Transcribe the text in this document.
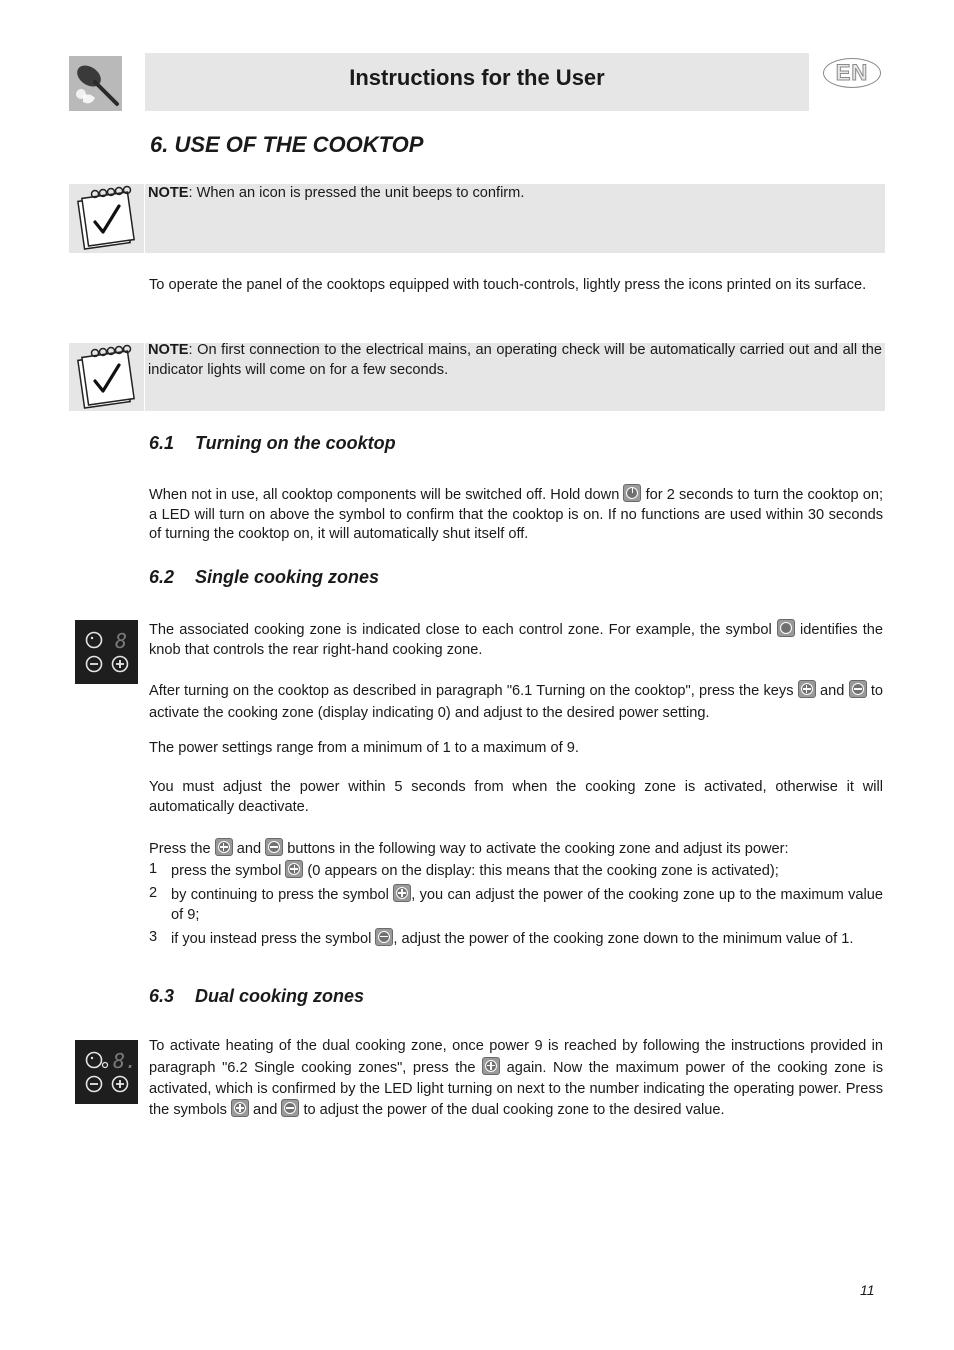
Instructions for the User	EN
6. USE OF THE COOKTOP
NOTE: When an icon is pressed the unit beeps to confirm.
To operate the panel of the cooktops equipped with touch-controls, lightly press the icons printed on its surface.
NOTE: On first connection to the electrical mains, an operating check will be automatically carried out and all the indicator lights will come on for a few seconds.
6.1 Turning on the cooktop
When not in use, all cooktop components will be switched off. Hold down
for 2 seconds to turn the cooktop on; a LED will turn on above the symbol to confirm that the cooktop is on. If no functions are used within 30 seconds of turning the cooktop on, it will automatically shut itself off.
6.2 Single cooking zones
8 The associated cooking zone is indicated close to each control zone. For example, the symbol
identifies the knob that controls the rear right-hand cooking zone.
After turning on the cooktop as described in paragraph "6.1 Turning on the cooktop", press the keys
and
to activate the cooking zone (display indicating 0) and adjust to the desired power setting.
The power settings range from a minimum of 1 to a maximum of 9.
You must adjust the power within 5 seconds from when the cooking zone is activated, otherwise it will automatically deactivate.
Press the
and
buttons in the following way to activate the cooking zone and adjust its power:
1 press the symbol
(0 appears on the display: this means that the cooking zone is activated);
2 by continuing to press the symbol
, you can adjust the power of the cooking zone up to the maximum value of 9;
3 if you instead press the symbol
, adjust the power of the cooking zone down to the minimum value of 1.
6.3 Dual cooking zones
8.
To activate heating of the dual cooking zone, once power 9 is reached by following the instructions provided in paragraph "6.2 Single cooking zones", press the
again. Now the maximum power of the cooking zone is activated, which is confirmed by the LED light turning on next to the number indicating the operating power. Press the symbols
and
to adjust the power of the dual cooking zone to the desired value.
11
